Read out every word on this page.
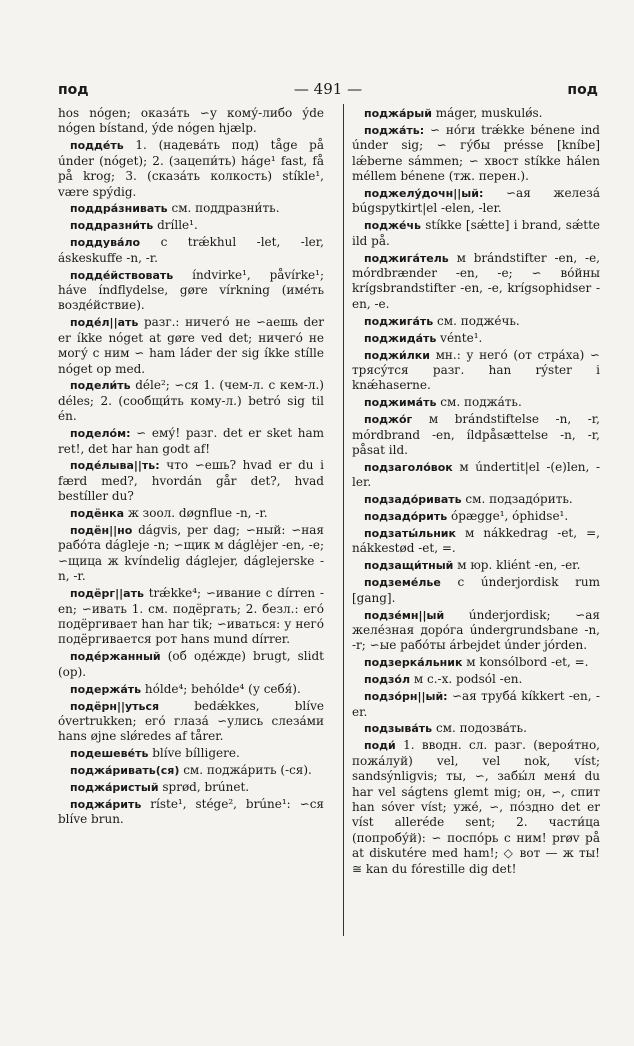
под	— 491 —	под

hos nógen; оказа́ть ∽у кому́-либо ýde nógen bístand, ýde nógen hjælp.

подде́ть 1. (надева́ть под) tåge på únder (nóget); 2. (зацепи́ть) háge¹ fast, få på krog; 3. (сказа́ть колкость) stíkle¹, være spýdig.

поддра́знивать см. поддразни́ть.

поддразни́ть drílle¹.

поддува́ло с trǽkhul -let, -ler, áskeskuffe -n, -r.

подде́йствовать índvirke¹, påvírke¹; háve índflydelse, gøre vírkning (име́ть возде́йствие).

поде́л||ать разг.: ничего́ не ∽аешь der er íkke nóget at gøre ved det; ничего́ не могу́ с ним ∽ ham láder der sig íkke stílle nóget op med.

подели́ть déle²; ∽ся 1. (чем-л. с кем-л.) déles; 2. (сообщи́ть кому-л.) betró sig til én.

поделóм: ∽ ему́! разг. det er sket ham ret!, det har han godt af!

поде́лыва||ть: что ∽ешь? hvad er du i færd med?, hvordán går det?, hvad bestíller du?

подёнка ж зоол. døgnflue -n, -r.

подён||но dágvis, per dag; ∽ный: ∽ная рабо́та dágleje -n; ∽щик м dágle̍jer -en, -e; ∽щица ж kvíndelig dáglejer, dáglejerske -n, -r.

подёрг||ать trǽkke⁴; ∽ивание с dírren -en; ∽ивать 1. см. подёргать; 2. безл.: его́ подёргивает han har tik; ∽иваться: у него́ подёргивается рот hans mund dírrer.

подéржанный (об оде́жде) brugt, slidt (op).

подержа́ть hólde⁴; behólde⁴ (у себя́).

подёрн||уться	bedǽkkes, blíve óvertrukken; его́ глаза́ ∽улись слеза́ми hans øjne slǿredes af tårer.

подешеве́ть blíve bílligere.

поджа́ривать(ся) см. поджа́рить (-ся).

поджа́ристый sprød, brúnet.

поджа́рить ríste¹, stége², brúne¹: ∽ся blíve brun.

поджа́рый máger, muskulǿs.

поджа́ть: ∽ но́ги trǽkke bénene ind únder sig; ∽ гу́бы présse [kníbe] lǽberne sámmen; ∽ хвост stíkke hálen méllem bénene (тж. перен.).

поджелу́дочн||ый: ∽ая железа́ búgspytkirt|el -elen, -ler.

подже́чь stíkke [sǽtte] i brand, sǽtte ild på.

поджига́тель м brándstifter -en, -e, mórdbrænder -en, -e; ∽ во́йны krígsbrandstifter -en, -e, krígsophidser -en, -e.

поджига́ть см. подже́чь.

поджида́ть vénte¹.

поджи́лки мн.: у него́ (от стра́ха) ∽ трясу́тся разг. han rýster i knǽhaserne.

поджима́ть см. поджа́ть.

поджо́г м brándstiftelse -n, -r, mórdbrand -en, íldpåsættelse -n, -r, påsat ild.

подзаголо́вок м úndertit|el -(e)len, -ler.

подзадо́ривать см. подзадо́рить.

подзадо́рить ópægge¹, óphidse¹.

подзаты́льник м nákkedrag -et, =, nákkestød -et, =.

подзащи́тный м юр. kliént -en, -er.

подземе́лье с únderjordisk rum [gang].

подзе́мн||ый únderjordisk; ∽ая желе́зная доро́га úndergrundsbane -n, -r; ∽ые рабо́ты árbejdet únder jórden.

подзерка́льник м konsólbord -et, =.

подзо́л м с.-х. podsól -en.

подзо́рн||ый: ∽ая труба́ kíkkert -en, -er.

подзыва́ть см. подозва́ть.

поди́ 1. вводн. сл. разг. (вероя́тно, пожа́луй) vel, vel nok, víst; sandsýnligvis; ты, ∽, забы́л меня́ du har vel ságtens glemt mig; он, ∽, спит han sóver víst; уже́, ∽, по́здно det er víst alleréde sent; 2. части́ца (попробу́й): ∽ поспо́рь с ним! prøv på at diskutére med ham!; ◇ вот — ж ты! ≅ kan du fórestille dig det!
